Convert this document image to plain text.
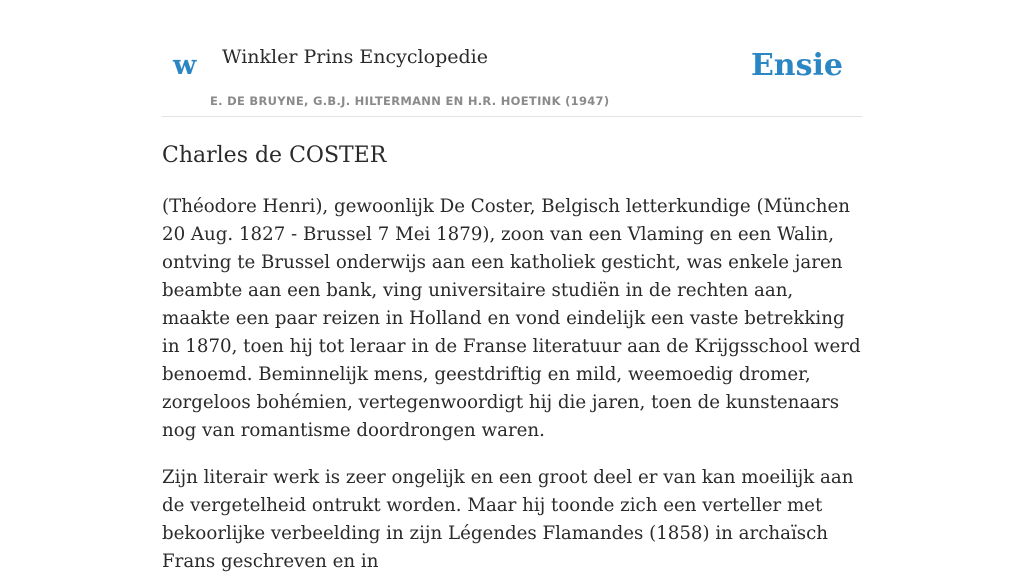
w Winkler Prins Encyclopedie
E. DE BRUYNE, G.B.J. HILTERMANN EN H.R. HOETINK (1947)
Ensie
Charles de COSTER

(Théodore Henri), gewoonlijk De Coster, Belgisch letterkundige (München 20 Aug. 1827 - Brussel 7 Mei 1879), zoon van een Vlaming en een Walin, ontving te Brussel onderwijs aan een katholiek gesticht, was enkele jaren beambte aan een bank, ving universitaire studiën in de rechten aan, maakte een paar reizen in Holland en vond eindelijk een vaste betrekking in 1870, toen hij tot leraar in de Franse literatuur aan de Krijgsschool werd benoemd. Beminnelijk mens, geestdriftig en mild, weemoedig dromer, zorgeloos bohémien, vertegenwoordigt hij die jaren, toen de kunstenaars nog van romantisme doordrongen waren.

Zijn literair werk is zeer ongelijk en een groot deel er van kan moeilijk aan de vergetelheid ontrukt worden. Maar hij toonde zich een verteller met bekoorlijke verbeelding in zijn Légendes Flamandes (1858) in archaïsch Frans geschreven en in
